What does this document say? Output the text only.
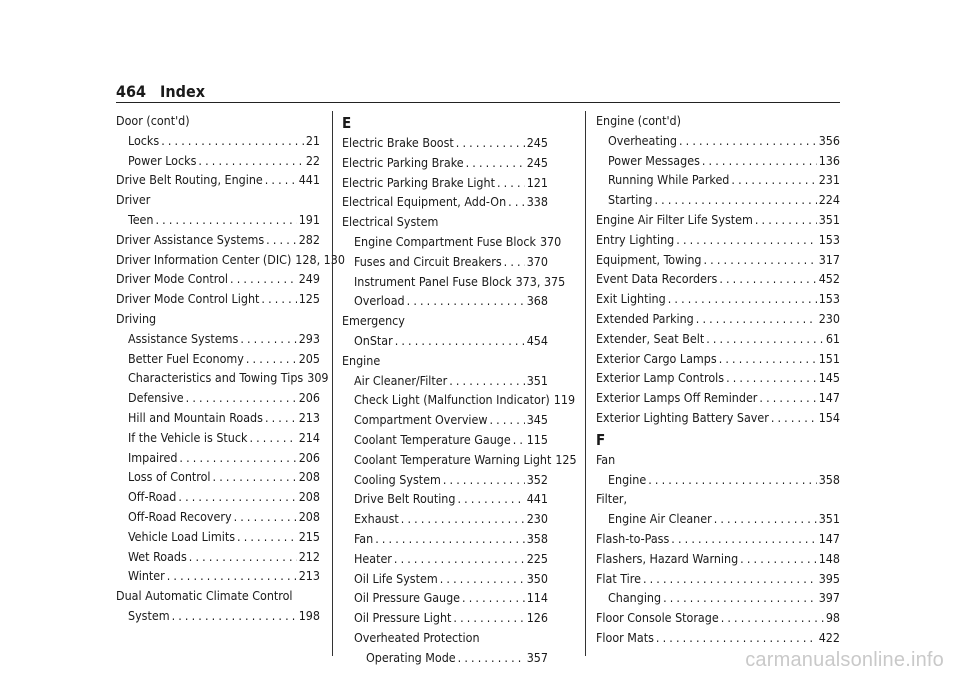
464 Index
Door (cont'd)
Locks . . .	21
Power Locks . . .	22
Drive Belt Routing, Engine . . .	441
Driver
Teen . . .	191
Driver Assistance Systems . . .	282
Driver Information Center (DIC) 128, 130
Driver Mode Control . . .	249
Driver Mode Control Light . . .	125
Driving
Assistance Systems . . .	293
Better Fuel Economy . . .	205
Characteristics and Towing Tips 309
Defensive . . .	206
Hill and Mountain Roads . . .	213
If the Vehicle is Stuck . . .	214
Impaired . . .	206
Loss of Control . . .	208
Off-Road . . .	208
Off-Road Recovery . . .	208
Vehicle Load Limits . . .	215
Wet Roads . . .	212
Winter . . .	213
Dual Automatic Climate Control
System . . .	198
E
Electric Brake Boost . . .	245
Electric Parking Brake . . .	245
Electric Parking Brake Light . . .	121
Electrical Equipment, Add-On . . . 338
Electrical System
Engine Compartment Fuse Block 370
Fuses and Circuit Breakers . . . 370
Instrument Panel Fuse Block 373, 375
Overload . . .	368
Emergency
OnStar . . .	454
Engine
Air Cleaner/Filter . . .	351
Check Light (Malfunction Indicator) 119
Compartment Overview . . .	345
Coolant Temperature Gauge . . . 115
Coolant Temperature Warning Light 125
Cooling System . . .	352
Drive Belt Routing . . .	441
Exhaust . . .	230
Fan . . .	358
Heater . . .	225
Oil Life System . . .	350
Oil Pressure Gauge . . .	114
Oil Pressure Light . . .	126
Overheated Protection
Operating Mode . . .	357
Engine (cont'd)
Overheating . . .	356
Power Messages . . .	136
Running While Parked . . .	231
Starting . . .	224
Engine Air Filter Life System . . .	351
Entry Lighting . . .	153
Equipment, Towing . . .	317
Event Data Recorders . . .	452
Exit Lighting . . .	153
Extended Parking . . .	230
Extender, Seat Belt . . .	61
Exterior Cargo Lamps . . .	151
Exterior Lamp Controls . . .	145
Exterior Lamps Off Reminder . . .	147
Exterior Lighting Battery Saver . . .	154
F
Fan
Engine . . .	358
Filter,
Engine Air Cleaner . . .	351
Flash-to-Pass . . .	147
Flashers, Hazard Warning . . .	148
Flat Tire . . .	395
Changing . . .	397
Floor Console Storage . . .	98
Floor Mats . . .	422
carmanualsonline.info
